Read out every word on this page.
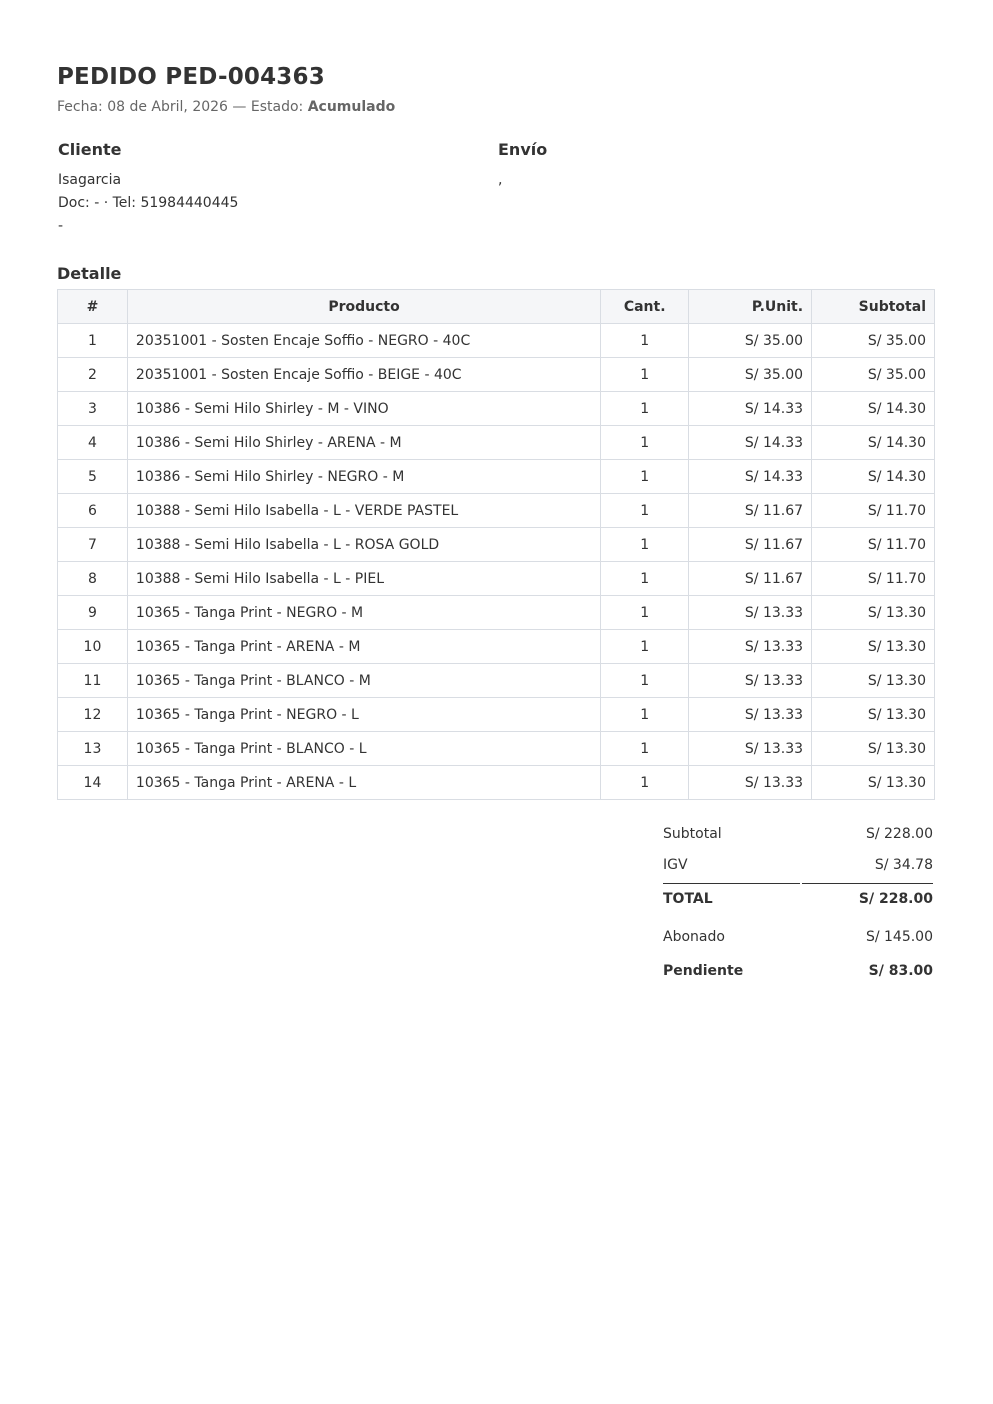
PEDIDO PED-004363
Fecha: 08 de Abril, 2026 — Estado: Acumulado
Cliente
Isagarcia
Doc: - · Tel: 51984440445
-
Envío
,
Detalle
#	Producto	Cant.	P.Unit.	Subtotal
1	20351001 - Sosten Encaje Soffio - NEGRO - 40C	1	S/ 35.00	S/ 35.00
2	20351001 - Sosten Encaje Soffio - BEIGE - 40C	1	S/ 35.00	S/ 35.00
3	10386 - Semi Hilo Shirley - M - VINO	1	S/ 14.33	S/ 14.30
4	10386 - Semi Hilo Shirley - ARENA - M	1	S/ 14.33	S/ 14.30
5	10386 - Semi Hilo Shirley - NEGRO - M	1	S/ 14.33	S/ 14.30
6	10388 - Semi Hilo Isabella - L - VERDE PASTEL	1	S/ 11.67	S/ 11.70
7	10388 - Semi Hilo Isabella - L - ROSA GOLD	1	S/ 11.67	S/ 11.70
8	10388 - Semi Hilo Isabella - L - PIEL	1	S/ 11.67	S/ 11.70
9	10365 - Tanga Print - NEGRO - M	1	S/ 13.33	S/ 13.30
10	10365 - Tanga Print - ARENA - M	1	S/ 13.33	S/ 13.30
11	10365 - Tanga Print - BLANCO - M	1	S/ 13.33	S/ 13.30
12	10365 - Tanga Print - NEGRO - L	1	S/ 13.33	S/ 13.30
13	10365 - Tanga Print - BLANCO - L	1	S/ 13.33	S/ 13.30
14	10365 - Tanga Print - ARENA - L	1	S/ 13.33	S/ 13.30
Subtotal	S/ 228.00
IGV	S/ 34.78
TOTAL	S/ 228.00
Abonado	S/ 145.00
Pendiente	S/ 83.00
